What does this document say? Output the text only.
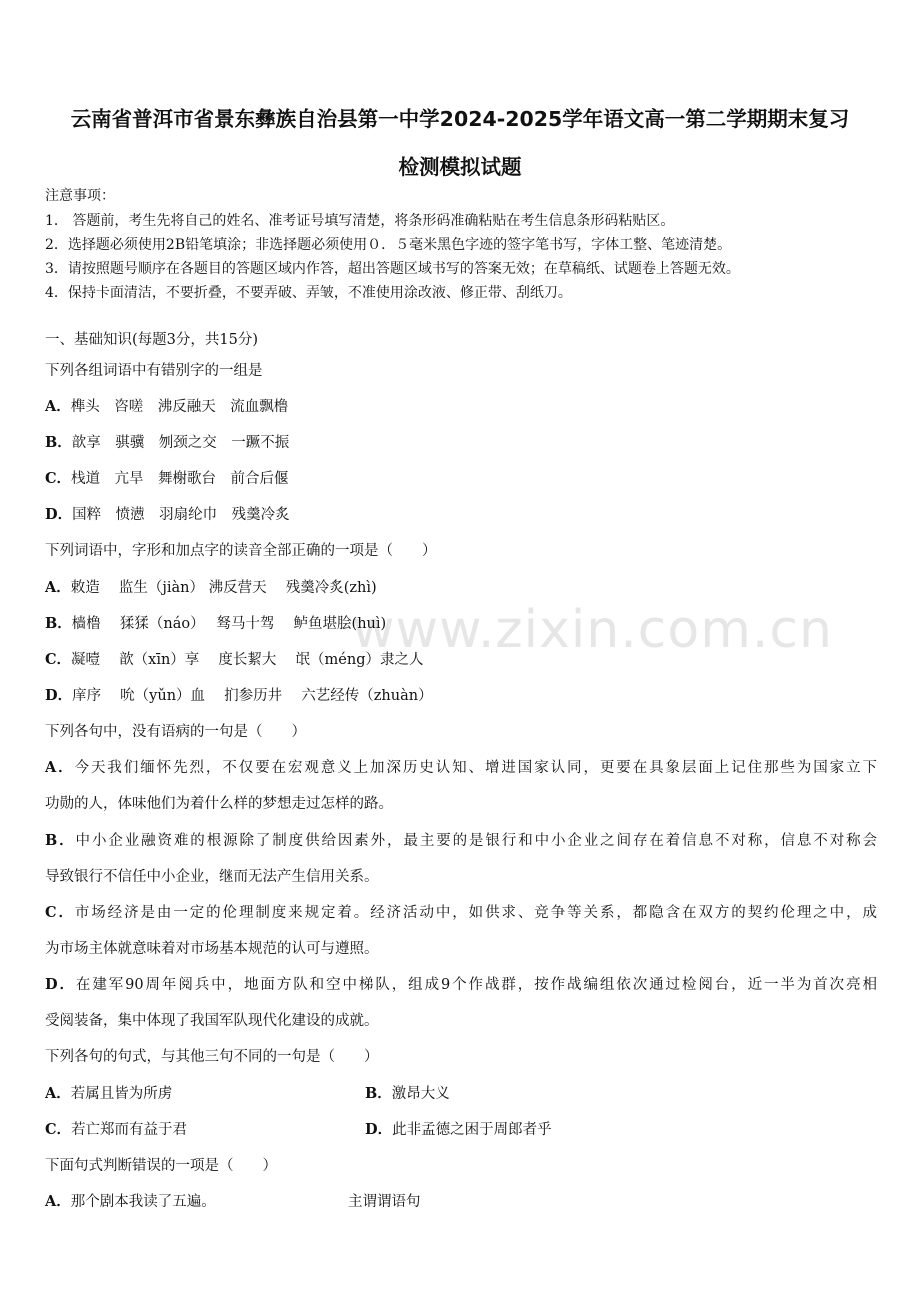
www.zixin.com.cn
云南省普洱市省景东彝族自治县第一中学2024-2025学年语文高一第二学期期末复习
检测模拟试题
注意事项：
1． 答题前，考生先将自己的姓名、准考证号填写清楚，将条形码准确粘贴在考生信息条形码粘贴区。
2．选择题必须使用2B铅笔填涂；非选择题必须使用０．５毫米黑色字迹的签字笔书写，字体工整、笔迹清楚。
3．请按照题号顺序在各题目的答题区域内作答，超出答题区域书写的答案无效；在草稿纸、试题卷上答题无效。
4．保持卡面清洁，不要折叠，不要弄破、弄皱，不准使用涂改液、修正带、刮纸刀。
一、基础知识(每题3分，共15分)
下列各组词语中有错别字的一组是
A．榫头　咨嗟　沸反融天　流血飘橹
B．歆享　骐骥　刎颈之交　一蹶不振
C．栈道　亢旱　舞榭歌台　前合后偃
D．国粹　愤懑　羽扇纶巾　残羹冷炙
下列词语中，字形和加点字的读音全部正确的一项是（　　）
A．敕造　 监生（jiàn） 沸反营天　 残羹冷炙(zhì)
B．樯橹　 猱猱（náo）　 驽马十驾　 鲈鱼堪脍(huì)
C．凝噎　 歆（xīn）享　 度长絜大　 氓（méng）隶之人
D．庠序　 吮（yǔn）血　 扪参历井　 六艺经传（zhuàn）
下列各句中，没有语病的一句是（　　）
A．今天我们缅怀先烈，不仅要在宏观意义上加深历史认知、增进国家认同，更要在具象层面上记住那些为国家立下
功勋的人，体味他们为着什么样的梦想走过怎样的路。
B．中小企业融资难的根源除了制度供给因素外，最主要的是银行和中小企业之间存在着信息不对称，信息不对称会
导致银行不信任中小企业，继而无法产生信用关系。
C．市场经济是由一定的伦理制度来规定着。经济活动中，如供求、竞争等关系，都隐含在双方的契约伦理之中，成
为市场主体就意味着对市场基本规范的认可与遵照。
D．在建军90周年阅兵中，地面方队和空中梯队，组成9个作战群，按作战编组依次通过检阅台，近一半为首次亮相
受阅装备，集中体现了我国军队现代化建设的成就。
下列各句的句式，与其他三句不同的一句是（　　）
A．若属且皆为所虏	B．激昂大义
C．若亡郑而有益于君	D．此非孟德之困于周郎者乎
下面句式判断错误的一项是（　　）
A．那个剧本我读了五遍。	主谓谓语句
